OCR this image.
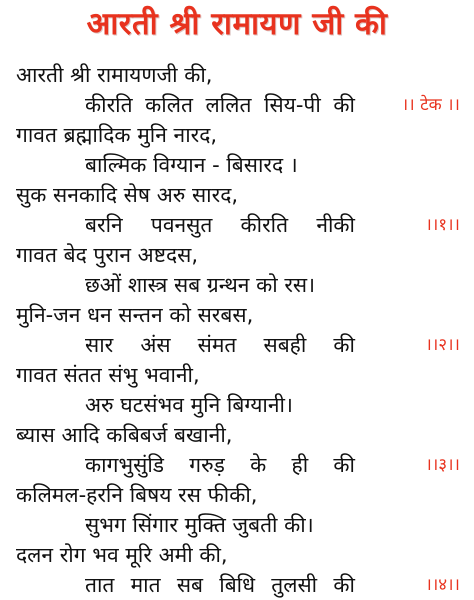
आरती श्री रामायण जी की
आरती श्री रामायणजी की,
कीरति कलित ललित सिय-पी की	।। टेक ।।
गावत ब्रह्मादिक मुनि नारद,
बाल्मिक विग्यान - बिसारद ।
सुक सनकादि सेष अरु सारद,
बरनि पवनसुत कीरति नीकी	।।१।।
गावत बेद पुरान अष्टदस,
छओं शास्त्र सब ग्रन्थन को रस।
मुनि-जन धन सन्तन को सरबस,
सार अंस संमत सबही की	।।२।।
गावत संतत संभु भवानी,
अरु घटसंभव मुनि बिग्यानी।
ब्यास आदि कबिबर्ज बखानी,
कागभुसुंडि गरुड़ के ही की	।।३।।
कलिमल-हरनि बिषय रस फीकी,
सुभग सिंगार मुक्ति जुबती की।
दलन रोग भव मूरि अमी की,
तात मात सब बिधि तुलसी की	।।४।।
